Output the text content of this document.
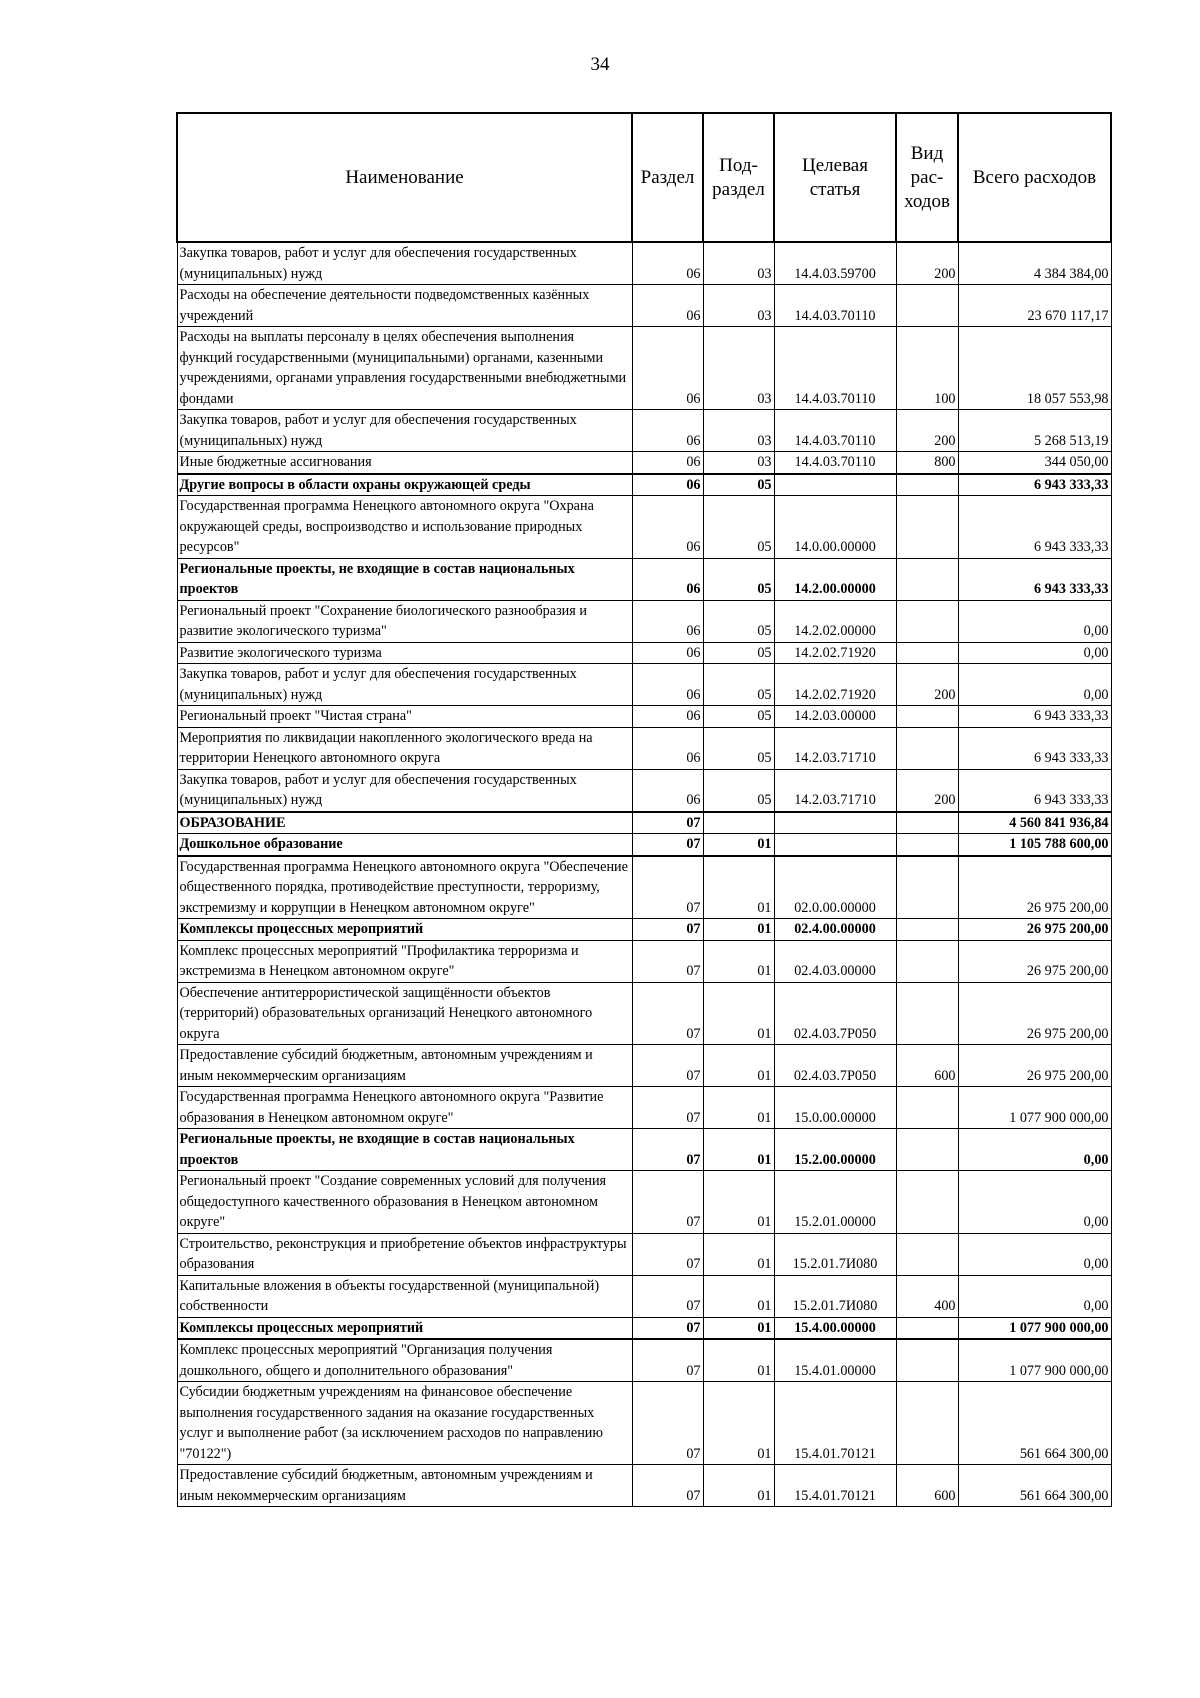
34
Наименование	Раздел	Под-раздел	Целевая статья	Вид рас-ходов	Всего расходов
Закупка товаров, работ и услуг для обеспечения государственных (муниципальных) нужд	06	03	14.4.03.59700	200	4 384 384,00
Расходы на обеспечение деятельности подведомственных казённых учреждений	06	03	14.4.03.70110		23 670 117,17
Расходы на выплаты персоналу в целях обеспечения выполнения функций государственными (муниципальными) органами, казенными учреждениями, органами управления государственными внебюджетными фондами	06	03	14.4.03.70110	100	18 057 553,98
Закупка товаров, работ и услуг для обеспечения государственных (муниципальных) нужд	06	03	14.4.03.70110	200	5 268 513,19
Иные бюджетные ассигнования	06	03	14.4.03.70110	800	344 050,00
Другие вопросы в области охраны окружающей среды	06	05			6 943 333,33
Государственная программа Ненецкого автономного округа "Охрана окружающей среды, воспроизводство и использование природных ресурсов"	06	05	14.0.00.00000		6 943 333,33
Региональные проекты, не входящие в состав национальных проектов	06	05	14.2.00.00000		6 943 333,33
Региональный проект "Сохранение биологического разнообразия и развитие экологического туризма"	06	05	14.2.02.00000		0,00
Развитие экологического туризма	06	05	14.2.02.71920		0,00
Закупка товаров, работ и услуг для обеспечения государственных (муниципальных) нужд	06	05	14.2.02.71920	200	0,00
Региональный проект "Чистая страна"	06	05	14.2.03.00000		6 943 333,33
Мероприятия по ликвидации накопленного экологического вреда на территории Ненецкого автономного округа	06	05	14.2.03.71710		6 943 333,33
Закупка товаров, работ и услуг для обеспечения государственных (муниципальных) нужд	06	05	14.2.03.71710	200	6 943 333,33
ОБРАЗОВАНИЕ	07				4 560 841 936,84
Дошкольное образование	07	01			1 105 788 600,00
Государственная программа Ненецкого автономного округа "Обеспечение общественного порядка, противодействие преступности, терроризму, экстремизму и коррупции в Ненецком автономном округе"	07	01	02.0.00.00000		26 975 200,00
Комплексы процессных мероприятий	07	01	02.4.00.00000		26 975 200,00
Комплекс процессных мероприятий "Профилактика терроризма и экстремизма в Ненецком автономном округе"	07	01	02.4.03.00000		26 975 200,00
Обеспечение антитеррористической защищённости объектов (территорий) образовательных организаций Ненецкого автономного округа	07	01	02.4.03.7Р050		26 975 200,00
Предоставление субсидий бюджетным, автономным учреждениям и иным некоммерческим организациям	07	01	02.4.03.7Р050	600	26 975 200,00
Государственная программа Ненецкого автономного округа "Развитие образования в Ненецком автономном округе"	07	01	15.0.00.00000		1 077 900 000,00
Региональные проекты, не входящие в состав национальных проектов	07	01	15.2.00.00000		0,00
Региональный проект "Создание современных условий для получения общедоступного качественного образования в Ненецком автономном округе"	07	01	15.2.01.00000		0,00
Строительство, реконструкция и приобретение объектов инфраструктуры образования	07	01	15.2.01.7И080		0,00
Капитальные вложения в объекты государственной (муниципальной) собственности	07	01	15.2.01.7И080	400	0,00
Комплексы процессных мероприятий	07	01	15.4.00.00000		1 077 900 000,00
Комплекс процессных мероприятий "Организация получения дошкольного, общего и дополнительного образования"	07	01	15.4.01.00000		1 077 900 000,00
Субсидии бюджетным учреждениям на финансовое обеспечение выполнения государственного задания на оказание государственных услуг и выполнение работ (за исключением расходов по направлению "70122")	07	01	15.4.01.70121		561 664 300,00
Предоставление субсидий бюджетным, автономным учреждениям и иным некоммерческим организациям	07	01	15.4.01.70121	600	561 664 300,00
